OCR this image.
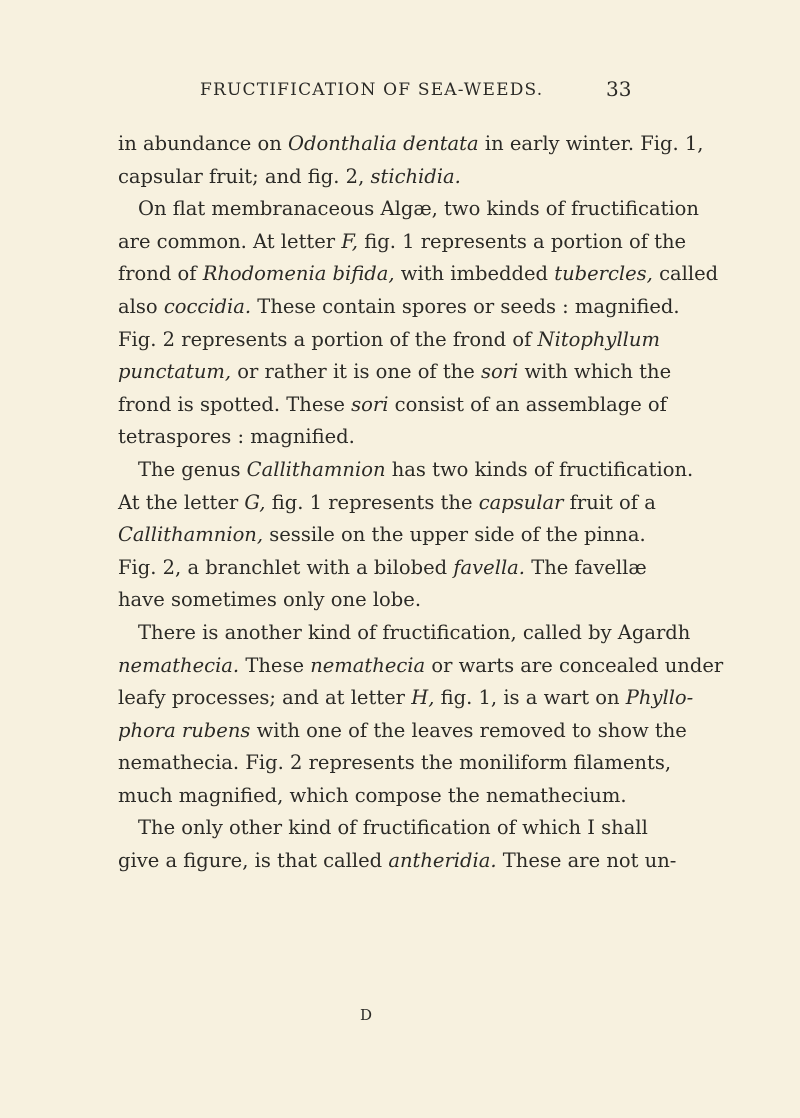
FRUCTIFICATION OF SEA-WEEDS.	33
in abundance on Odonthalia dentata in early winter. Fig. 1,
capsular fruit; and fig. 2, stichidia.
On flat membranaceous Algæ, two kinds of fructification
are common. At letter F, fig. 1 represents a portion of the
frond of Rhodomenia bifida, with imbedded tubercles, called
also coccidia. These contain spores or seeds : magnified.
Fig. 2 represents a portion of the frond of Nitophyllum
punctatum, or rather it is one of the sori with which the
frond is spotted. These sori consist of an assemblage of
tetraspores : magnified.
The genus Callithamnion has two kinds of fructification.
At the letter G, fig. 1 represents the capsular fruit of a
Callithamnion, sessile on the upper side of the pinna.
Fig. 2, a branchlet with a bilobed favella. The favellæ
have sometimes only one lobe.
There is another kind of fructification, called by Agardh
nemathecia. These nemathecia or warts are concealed under
leafy processes; and at letter H, fig. 1, is a wart on Phyllo-
phora rubens with one of the leaves removed to show the
nemathecia. Fig. 2 represents the moniliform filaments,
much magnified, which compose the nemathecium.
The only other kind of fructification of which I shall
give a figure, is that called antheridia. These are not un-
D
